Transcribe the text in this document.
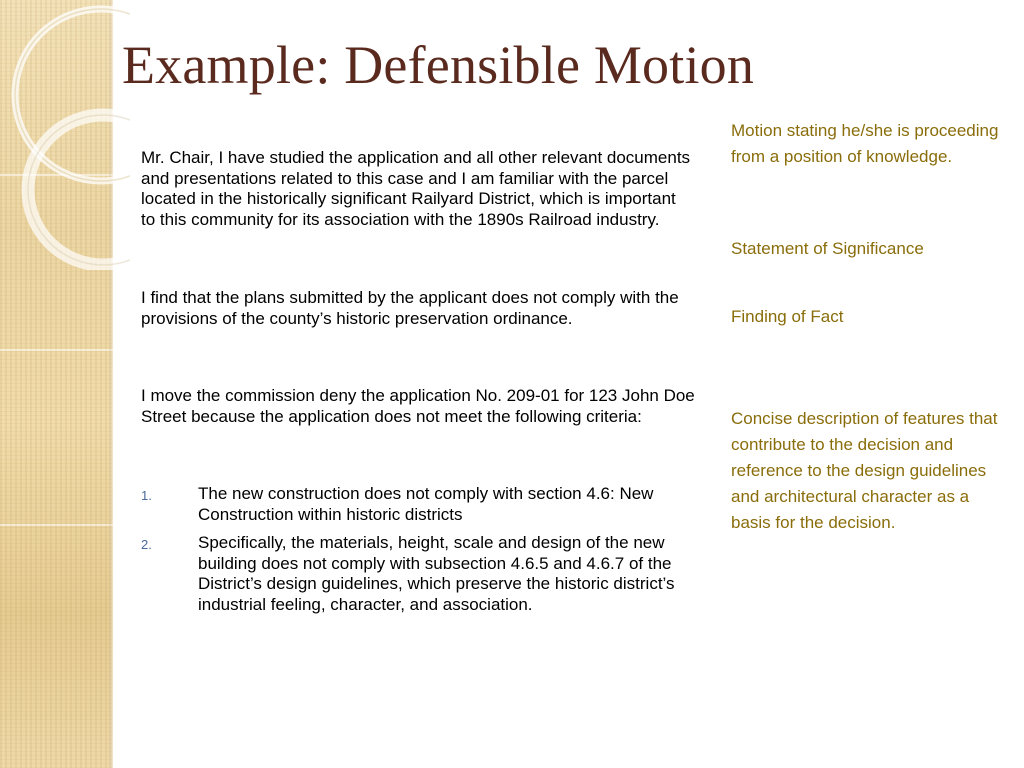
Example: Defensible Motion

Mr. Chair, I have studied the application and all other relevant documents and presentations related to this case and I am familiar with the parcel located in the historically significant Railyard District, which is important to this community for its association with the 1890s Railroad industry.

I find that the plans submitted by the applicant does not comply with the provisions of the county’s historic preservation ordinance.

I move the commission deny the application No. 209-01 for 123 John Doe Street because the application does not meet the following criteria:

1.	The new construction does not comply with section 4.6: New Construction within historic districts
2.	Specifically, the materials, height, scale and design of the new building does not comply with subsection 4.6.5 and 4.6.7 of the District’s design guidelines, which preserve the historic district’s industrial feeling, character, and association.

Motion stating he/she is proceeding from a position of knowledge.

Statement of Significance

Finding of Fact

Concise description of features that contribute to the decision and reference to the design guidelines and architectural character as a basis for the decision.
